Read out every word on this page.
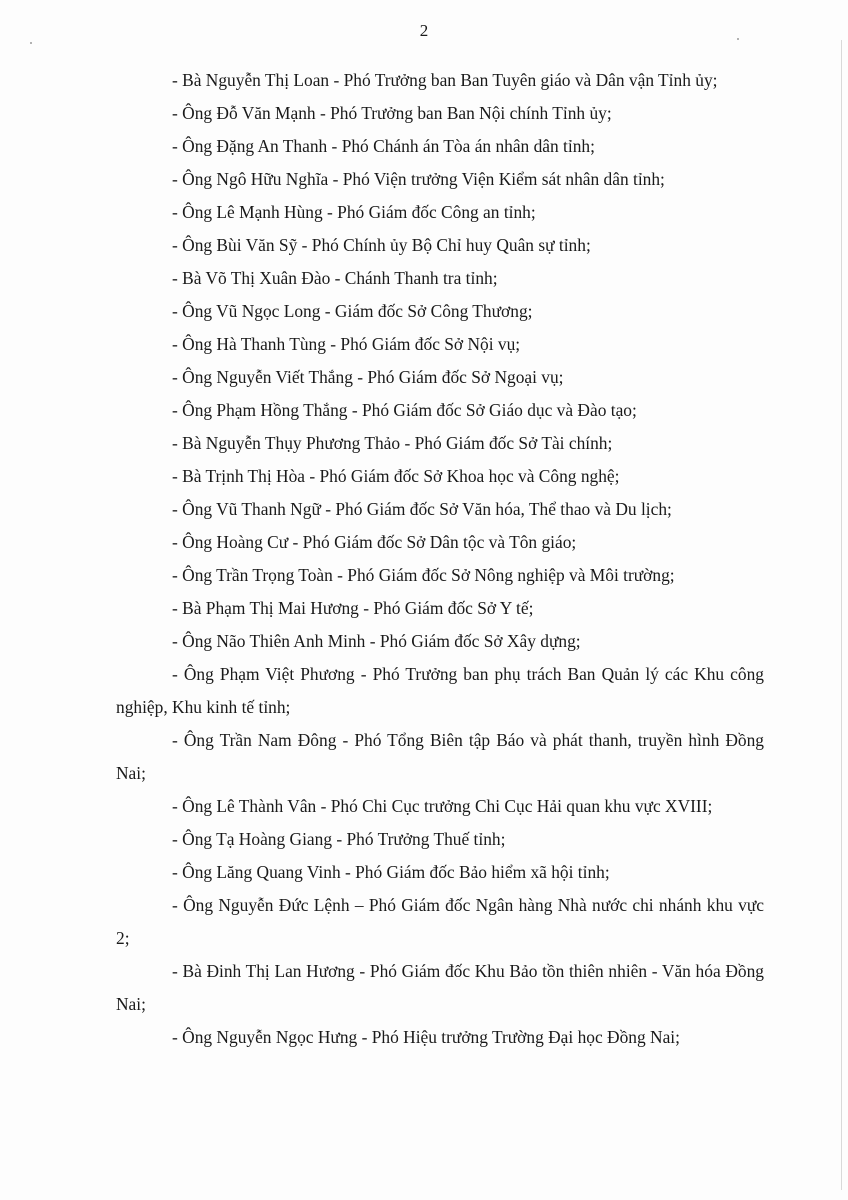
2

- Bà Nguyễn Thị Loan - Phó Trưởng ban Ban Tuyên giáo và Dân vận Tỉnh ủy;

- Ông Đỗ Văn Mạnh - Phó Trưởng ban Ban Nội chính Tỉnh ủy;

- Ông Đặng An Thanh - Phó Chánh án Tòa án nhân dân tỉnh;

- Ông Ngô Hữu Nghĩa - Phó Viện trưởng Viện Kiểm sát nhân dân tỉnh;

- Ông Lê Mạnh Hùng - Phó Giám đốc Công an tỉnh;

- Ông Bùi Văn Sỹ - Phó Chính ủy Bộ Chỉ huy Quân sự tỉnh;

- Bà Võ Thị Xuân Đào - Chánh Thanh tra tỉnh;

- Ông Vũ Ngọc Long - Giám đốc Sở Công Thương;

- Ông Hà Thanh Tùng - Phó Giám đốc Sở Nội vụ;

- Ông Nguyễn Viết Thắng - Phó Giám đốc Sở Ngoại vụ;

- Ông Phạm Hồng Thắng - Phó Giám đốc Sở Giáo dục và Đào tạo;

- Bà Nguyễn Thụy Phương Thảo - Phó Giám đốc Sở Tài chính;

- Bà Trịnh Thị Hòa - Phó Giám đốc Sở Khoa học và Công nghệ;

- Ông Vũ Thanh Ngữ - Phó Giám đốc Sở Văn hóa, Thể thao và Du lịch;

- Ông Hoàng Cư - Phó Giám đốc Sở Dân tộc và Tôn giáo;

- Ông Trần Trọng Toàn - Phó Giám đốc Sở Nông nghiệp và Môi trường;

- Bà Phạm Thị Mai Hương - Phó Giám đốc Sở Y tế;

- Ông Não Thiên Anh Minh - Phó Giám đốc Sở Xây dựng;

- Ông Phạm Việt Phương - Phó Trưởng ban phụ trách Ban Quản lý các Khu công nghiệp, Khu kinh tế tỉnh;

- Ông Trần Nam Đông - Phó Tổng Biên tập Báo và phát thanh, truyền hình Đồng Nai;

- Ông Lê Thành Vân - Phó Chi Cục trưởng Chi Cục Hải quan khu vực XVIII;

- Ông Tạ Hoàng Giang - Phó Trưởng Thuế tỉnh;

- Ông Lăng Quang Vinh - Phó Giám đốc Bảo hiểm xã hội tỉnh;

- Ông Nguyễn Đức Lệnh – Phó Giám đốc Ngân hàng Nhà nước chi nhánh khu vực 2;

- Bà Đinh Thị Lan Hương - Phó Giám đốc Khu Bảo tồn thiên nhiên - Văn hóa Đồng Nai;

- Ông Nguyễn Ngọc Hưng - Phó Hiệu trưởng Trường Đại học Đồng Nai;
